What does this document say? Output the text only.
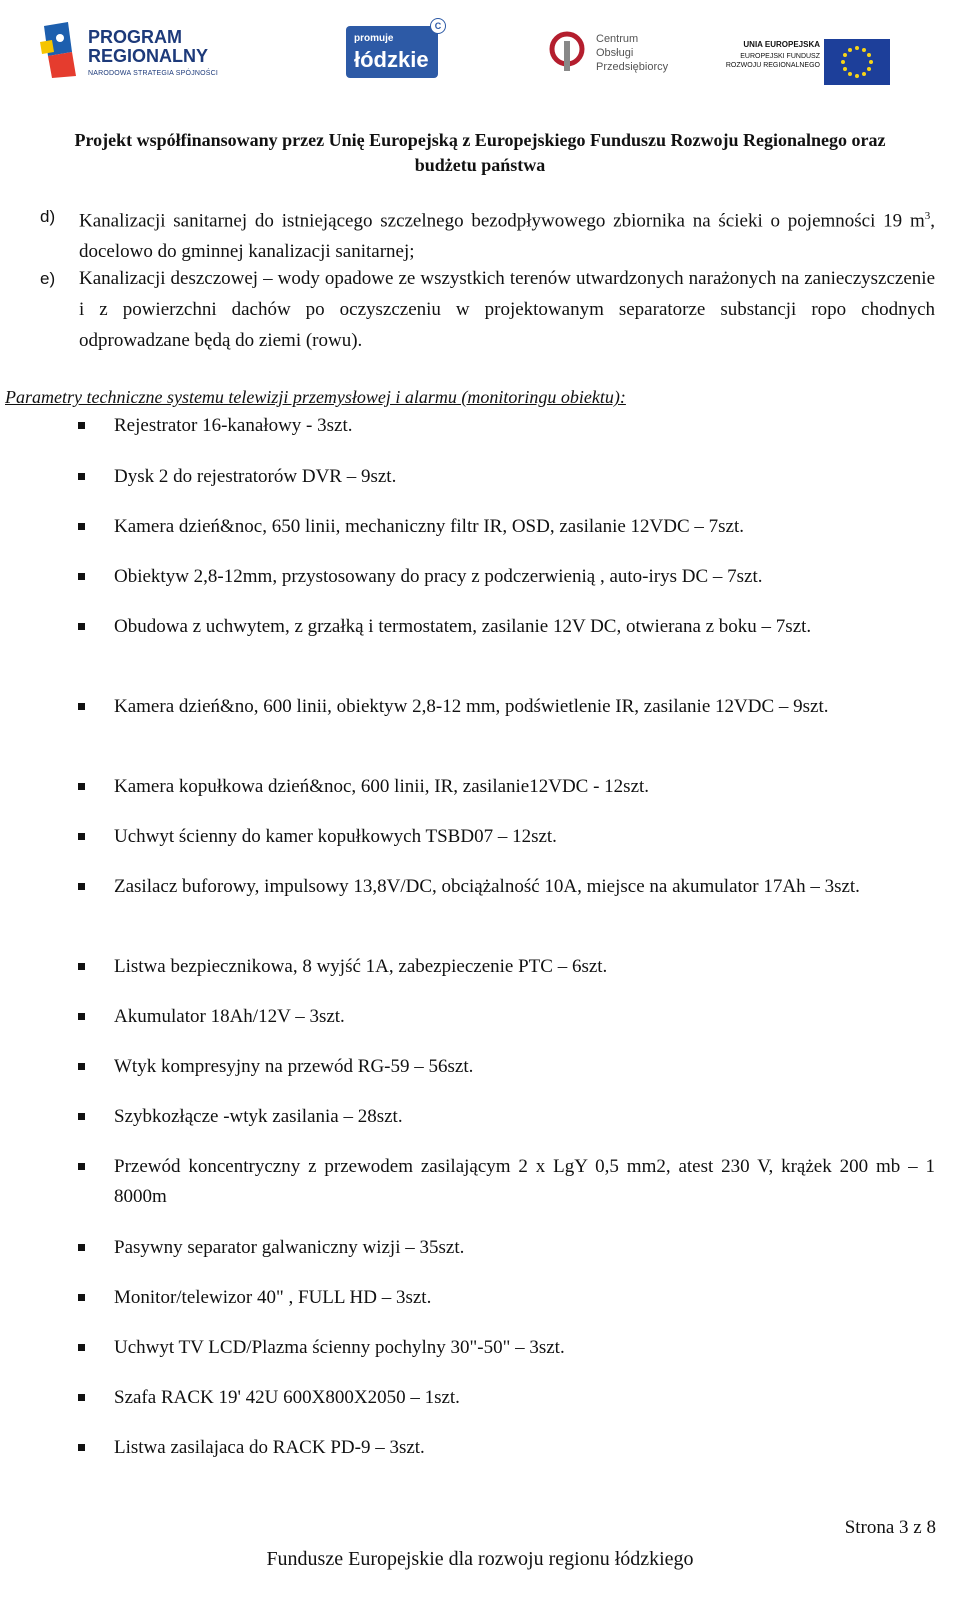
PROGRAM
REGIONALNY
NARODOWA STRATEGIA SPÓJNOŚCI
promuje
łódzkie
C
Centrum
Obsługi
Przedsiębiorcy
UNIA EUROPEJSKA
EUROPEJSKI FUNDUSZ
ROZWOJU REGIONALNEGO
Projekt współfinansowany przez Unię Europejską z Europejskiego Funduszu Rozwoju Regionalnego oraz
budżetu państwa
d) Kanalizacji sanitarnej do istniejącego szczelnego bezodpływowego zbiornika na ścieki o pojemności 19 $m^3$, docelowo do gminnej kanalizacji sanitarnej;
e) Kanalizacji deszczowej – wody opadowe ze wszystkich terenów utwardzonych narażonych na zanieczyszczenie i z powierzchni dachów po oczyszczeniu w projektowanym separatorze substancji ropo chodnych odprowadzane będą do ziemi (rowu).
Parametry techniczne systemu telewizji przemysłowej i alarmu (monitoringu obiektu):
Rejestrator 16-kanałowy - 3szt.
Dysk 2 do rejestratorów DVR – 9szt.
Kamera dzień&noc, 650 linii, mechaniczny filtr IR, OSD, zasilanie 12VDC – 7szt.
Obiektyw 2,8-12mm, przystosowany do pracy z podczerwienią , auto-irys DC – 7szt.
Obudowa z uchwytem, z grzałką i termostatem, zasilanie 12V DC, otwierana z boku – 7szt.
Kamera dzień&no, 600 linii, obiektyw 2,8-12 mm, podświetlenie IR, zasilanie 12VDC – 9szt.
Kamera kopułkowa dzień&noc, 600 linii, IR, zasilanie12VDC - 12szt.
Uchwyt ścienny do kamer kopułkowych TSBD07 – 12szt.
Zasilacz buforowy, impulsowy 13,8V/DC, obciążalność 10A, miejsce na akumulator 17Ah – 3szt.
Listwa bezpiecznikowa, 8 wyjść 1A, zabezpieczenie PTC – 6szt.
Akumulator 18Ah/12V – 3szt.
Wtyk kompresyjny na przewód RG-59 – 56szt.
Szybkozłącze -wtyk zasilania – 28szt.
Przewód koncentryczny z przewodem zasilającym 2 x LgY 0,5 mm2, atest 230 V, krążek 200 mb – 1 8000m
Pasywny separator galwaniczny wizji – 35szt.
Monitor/telewizor 40" , FULL HD – 3szt.
Uchwyt TV LCD/Plazma ścienny pochylny 30"-50" – 3szt.
Szafa RACK 19' 42U 600X800X2050 – 1szt.
Listwa zasilajaca do RACK PD-9 – 3szt.
Strona 3 z 8
Fundusze Europejskie dla rozwoju regionu łódzkiego
